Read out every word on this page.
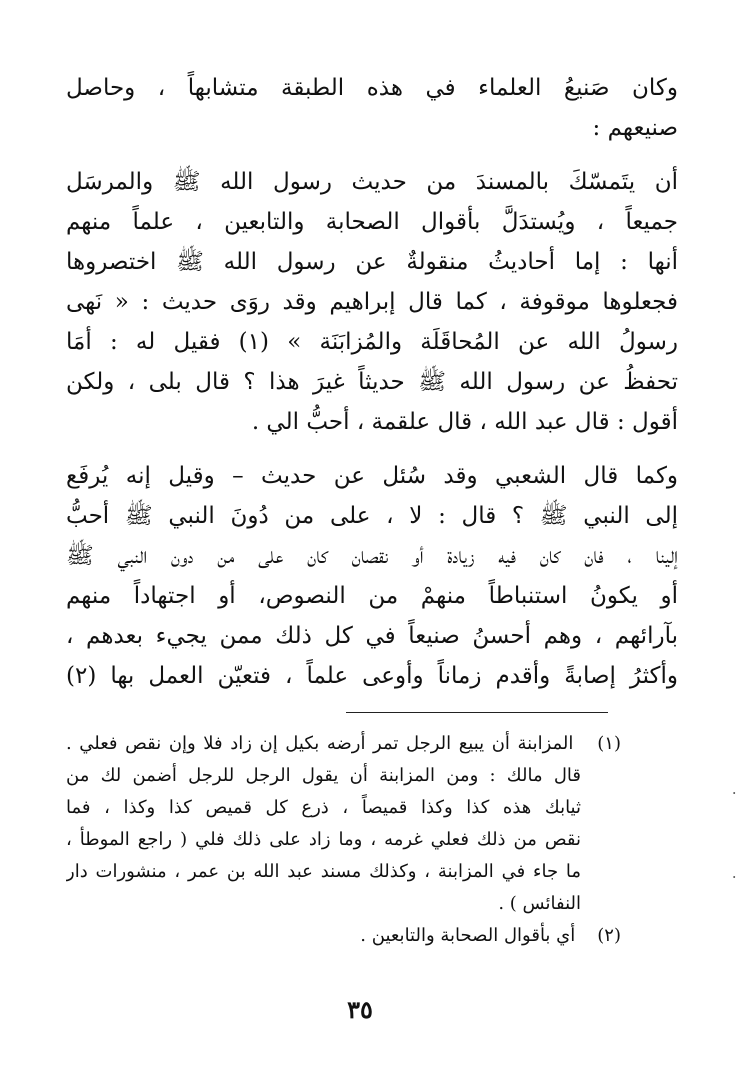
وكان صَنيعُ العلماء في هذه الطبقة متشابهاً ، وحاصل
صنيعهم :
أن يتَمسّكَ بالمسندَ من حديث رسول الله ﷺ والمرسَل
جميعاً ، ويُستدَلَّ بأقوال الصحابة والتابعين ، علماً منهم
أنها : إما أحاديثُ منقولةٌ عن رسول الله ﷺ اختصروها
فجعلوها موقوفة ، كما قال إبراهيم وقد روَى حديث : « نَهى
رسولُ الله عن المُحاقَلَة والمُزابَنَة » (١) فقيل له : أمَا
تحفظُ عن رسول الله ﷺ حديثاً غيرَ هذا ؟ قال بلى ، ولكن
أقول : قال عبد الله ، قال علقمة ، أحبُّ الي .
وكما قال الشعبي وقد سُئل عن حديث – وقيل إنه يُرفَع
إلى النبي ﷺ ؟ قال : لا ، على من دُونَ النبي ﷺ أحبُّ
إلينا ، فان كان فيه زيادة أو نقصان كان على من دون النبي ﷺ
أو يكونُ استنباطاً منهمْ من النصوص، أو اجتهاداً منهم
بآرائهم ، وهم أحسنُ صنيعاً في كل ذلك ممن يجيء بعدهم ،
وأكثرُ إصابةً وأقدم زماناً وأوعى علماً ، فتعيّن العمل بها (٢)
(١) المزابنة أن يبيع الرجل تمر أرضه بكيل إن زاد فلا وإن نقص فعلي .
قال مالك : ومن المزابنة أن يقول الرجل للرجل أضمن لك من
ثيابك هذه كذا وكذا قميصاً ، ذرع كل قميص كذا وكذا ، فما
نقص من ذلك فعلي غرمه ، وما زاد على ذلك فلي ( راجع الموطأ ،
ما جاء في المزابنة ، وكذلك مسند عبد الله بن عمر ، منشورات دار
النفائس ) .
(٢) أي بأقوال الصحابة والتابعين .
٣٥
᛫
᛫
